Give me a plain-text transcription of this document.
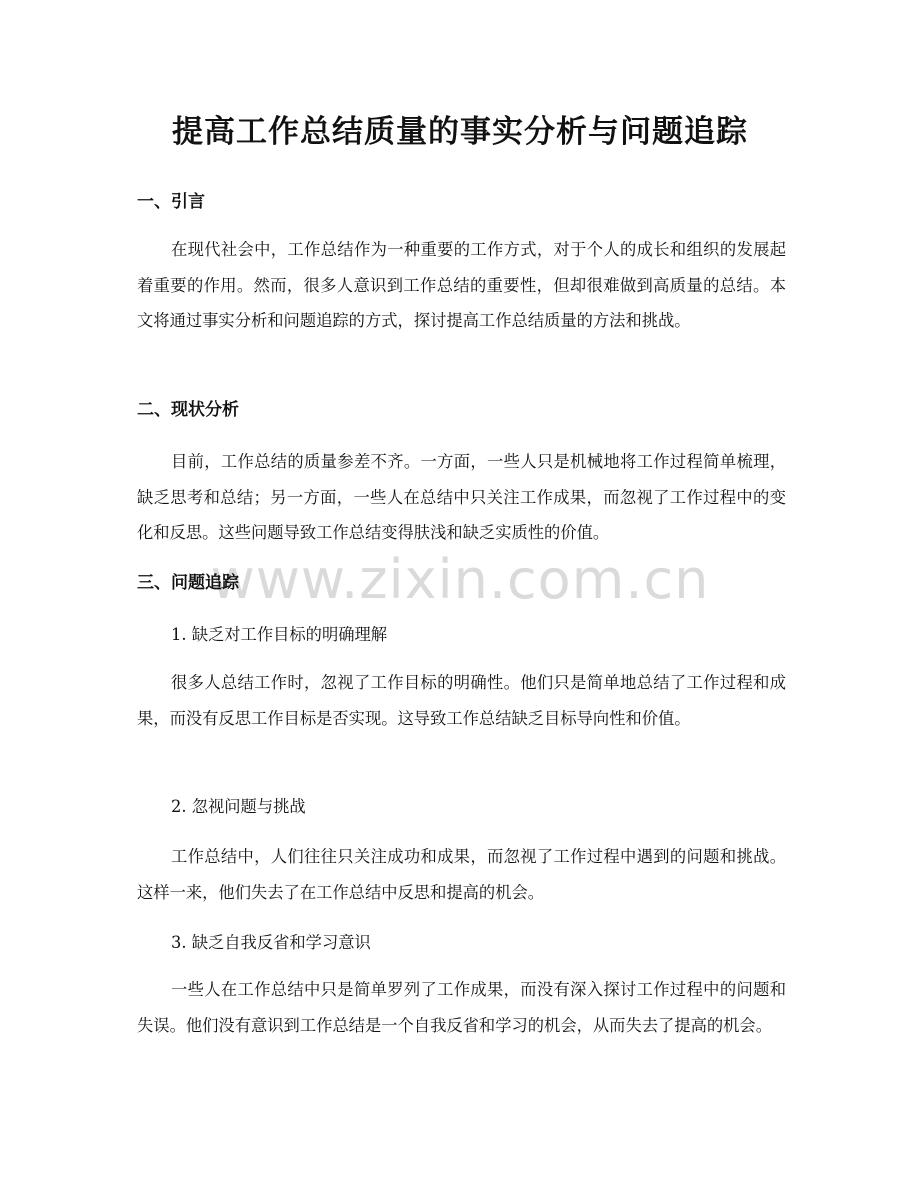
提高工作总结质量的事实分析与问题追踪
一、引言
在现代社会中，工作总结作为一种重要的工作方式，对于个人的成长和组织的发展起着重要的作用。然而，很多人意识到工作总结的重要性，但却很难做到高质量的总结。本文将通过事实分析和问题追踪的方式，探讨提高工作总结质量的方法和挑战。
二、现状分析
目前，工作总结的质量参差不齐。一方面，一些人只是机械地将工作过程简单梳理，缺乏思考和总结；另一方面，一些人在总结中只关注工作成果，而忽视了工作过程中的变化和反思。这些问题导致工作总结变得肤浅和缺乏实质性的价值。
www.zixin.com.cn
三、问题追踪
1. 缺乏对工作目标的明确理解
很多人总结工作时，忽视了工作目标的明确性。他们只是简单地总结了工作过程和成果，而没有反思工作目标是否实现。这导致工作总结缺乏目标导向性和价值。
2. 忽视问题与挑战
工作总结中，人们往往只关注成功和成果，而忽视了工作过程中遇到的问题和挑战。这样一来，他们失去了在工作总结中反思和提高的机会。
3. 缺乏自我反省和学习意识
一些人在工作总结中只是简单罗列了工作成果，而没有深入探讨工作过程中的问题和失误。他们没有意识到工作总结是一个自我反省和学习的机会，从而失去了提高的机会。
